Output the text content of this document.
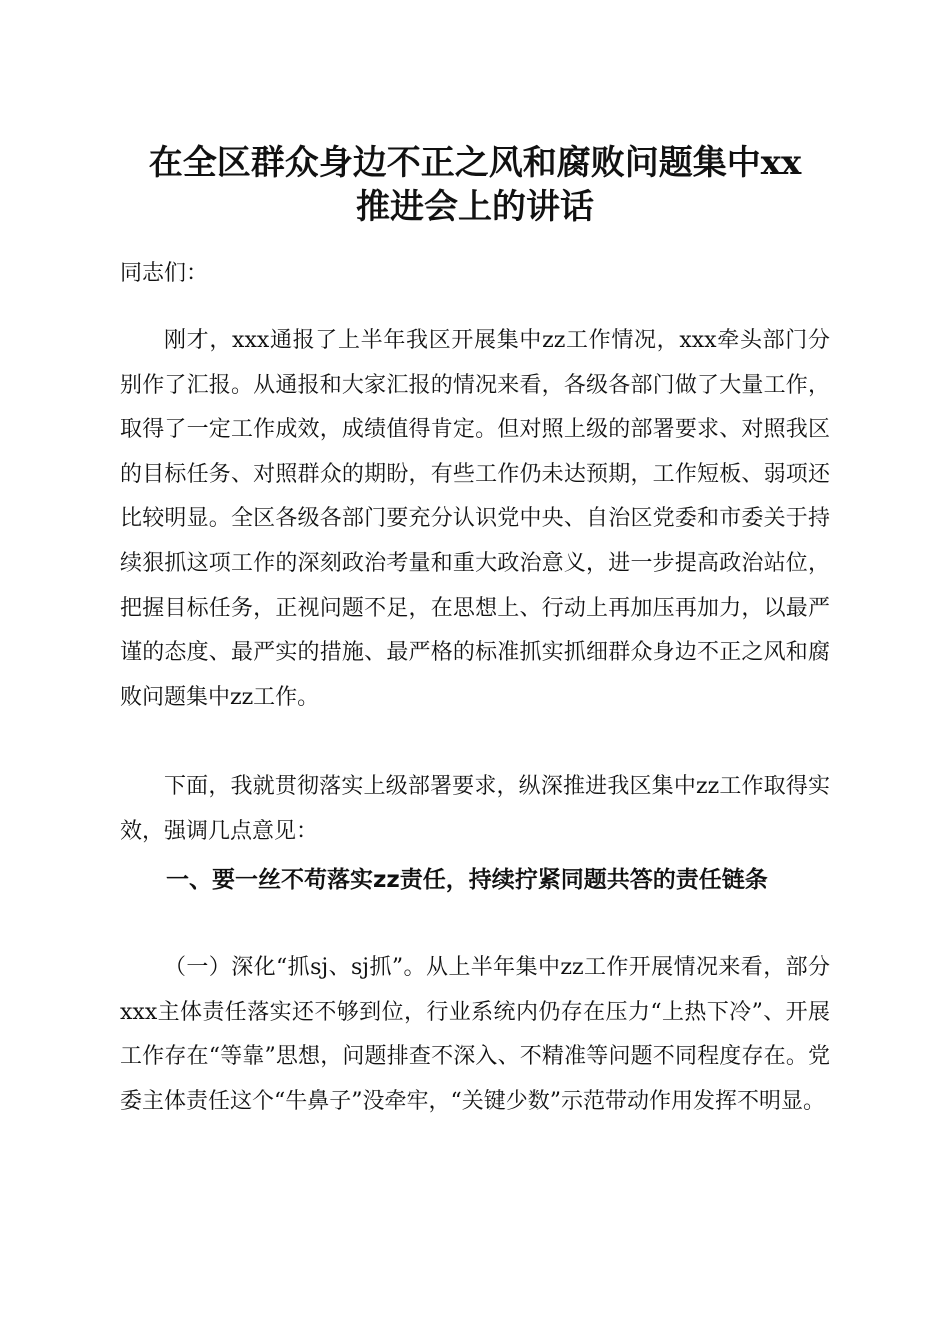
在全区群众身边不正之风和腐败问题集中xx
推进会上的讲话

同志们：

刚才，xxx通报了上半年我区开展集中zz工作情况，xxx牵头部门分别作了汇报。从通报和大家汇报的情况来看，各级各部门做了大量工作，取得了一定工作成效，成绩值得肯定。但对照上级的部署要求、对照我区的目标任务、对照群众的期盼，有些工作仍未达预期，工作短板、弱项还比较明显。全区各级各部门要充分认识党中央、自治区党委和市委关于持续狠抓这项工作的深刻政治考量和重大政治意义，进一步提高政治站位，把握目标任务，正视问题不足，在思想上、行动上再加压再加力，以最严谨的态度、最严实的措施、最严格的标准抓实抓细群众身边不正之风和腐败问题集中zz工作。

下面，我就贯彻落实上级部署要求，纵深推进我区集中zz工作取得实效，强调几点意见：

一、要一丝不苟落实zz责任，持续拧紧同题共答的责任链条

（一）深化“抓sj、sj抓”。从上半年集中zz工作开展情况来看，部分xxx主体责任落实还不够到位，行业系统内仍存在压力“上热下冷”、开展工作存在“等靠”思想，问题排查不深入、不精准等问题不同程度存在。党委主体责任这个“牛鼻子”没牵牢，“关键少数”示范带动作用发挥不明显。
